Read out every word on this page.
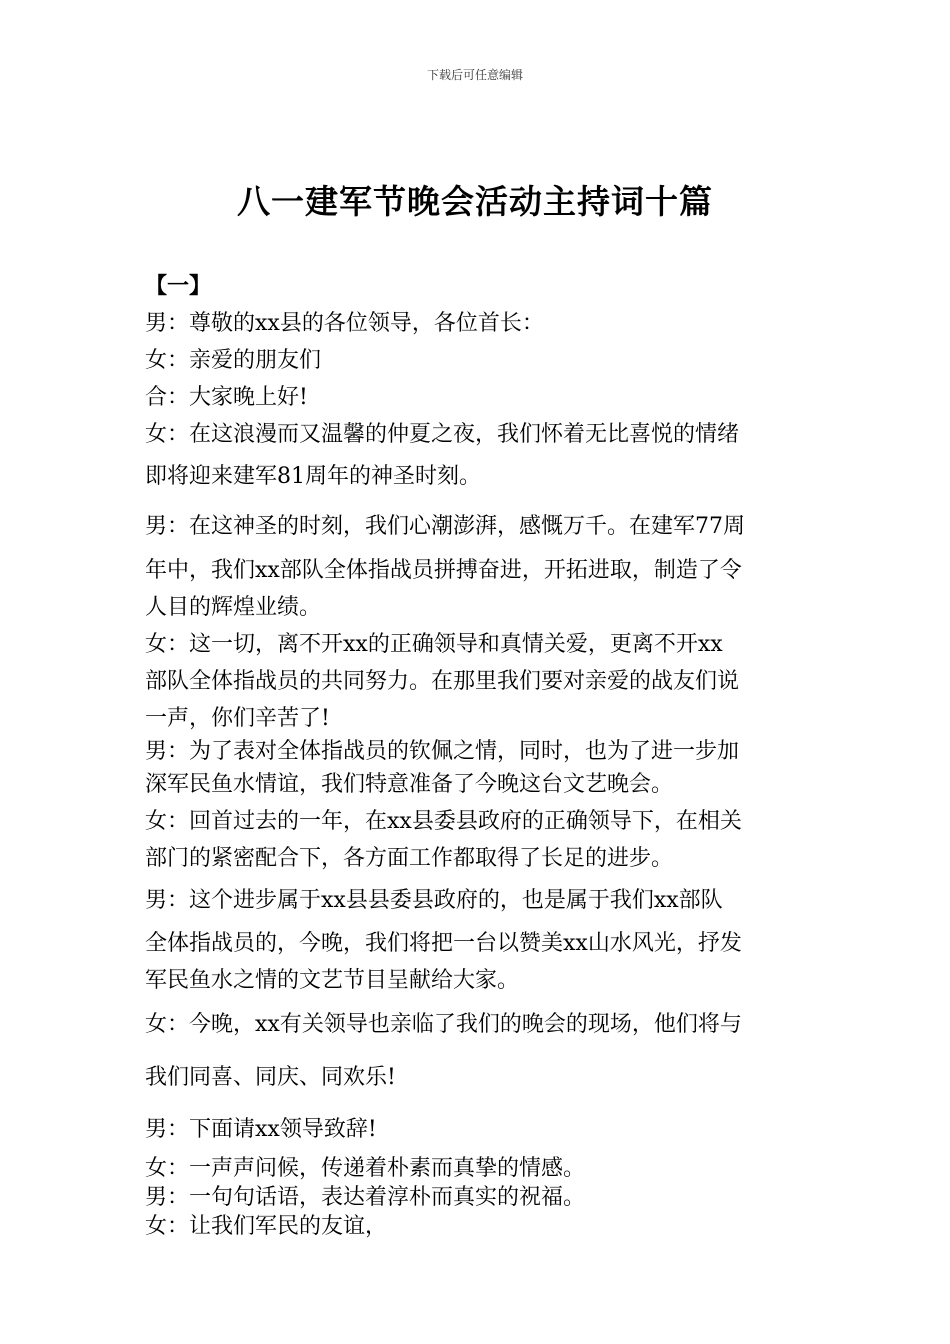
下载后可任意编辑
八一建军节晚会活动主持词十篇
【一】
男：尊敬的xx县的各位领导，各位首长：
女：亲爱的朋友们
合：大家晚上好!
女：在这浪漫而又温馨的仲夏之夜，我们怀着无比喜悦的情绪
即将迎来建军81周年的神圣时刻。
男：在这神圣的时刻，我们心潮澎湃，感慨万千。在建军77周
年中，我们xx部队全体指战员拼搏奋进，开拓进取，制造了令
人目的辉煌业绩。
女：这一切，离不开xx的正确领导和真情关爱，更离不开xx
部队全体指战员的共同努力。在那里我们要对亲爱的战友们说
一声，你们辛苦了!
男：为了表对全体指战员的钦佩之情，同时，也为了进一步加
深军民鱼水情谊，我们特意准备了今晚这台文艺晚会。
女：回首过去的一年，在xx县委县政府的正确领导下，在相关
部门的紧密配合下，各方面工作都取得了长足的进步。
男：这个进步属于xx县县委县政府的，也是属于我们xx部队
全体指战员的，今晚，我们将把一台以赞美xx山水风光，抒发
军民鱼水之情的文艺节目呈献给大家。
女：今晚，xx有关领导也亲临了我们的晚会的现场，他们将与
我们同喜、同庆、同欢乐!
男：下面请xx领导致辞!
女：一声声问候，传递着朴素而真挚的情感。
男：一句句话语，表达着淳朴而真实的祝福。
女：让我们军民的友谊，
